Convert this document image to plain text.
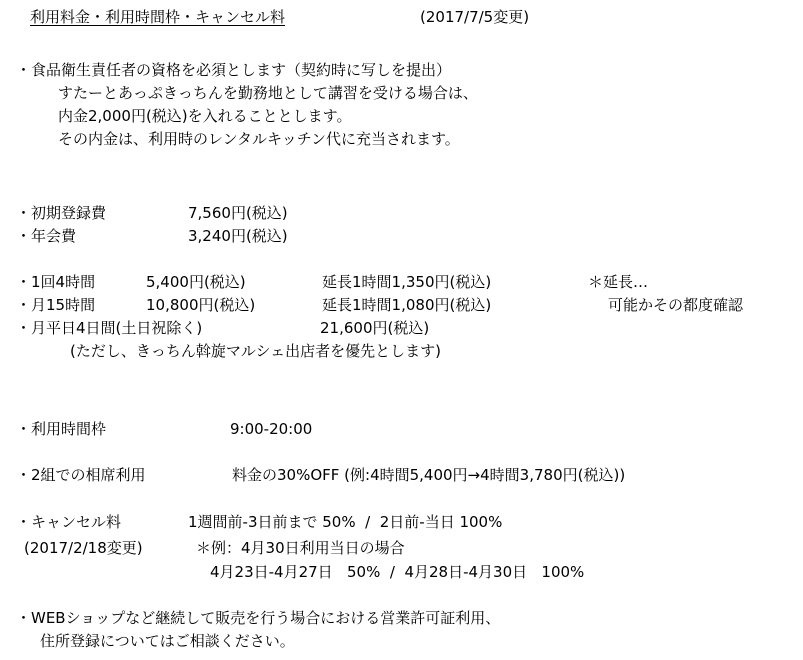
利用料金・利用時間枠・キャンセル料	(2017/7/5変更)
・食品衛生責任者の資格を必須とします（契約時に写しを提出）
すたーとあっぷきっちんを勤務地として講習を受ける場合は、
内金2,000円(税込)を入れることとします。
その内金は、利用時のレンタルキッチン代に充当されます。
・初期登録費	7,560円(税込)
・年会費	3,240円(税込)
・1回4時間	5,400円(税込)	延長1時間1,350円(税込)	＊延長…
・月15時間	10,800円(税込)	延長1時間1,080円(税込)	可能かその都度確認
・月平日4日間(土日祝除く)	21,600円(税込)
(ただし、きっちん斡旋マルシェ出店者を優先とします)
・利用時間枠	9:00-20:00
・2組での相席利用	料金の30%OFF (例:4時間5,400円→4時間3,780円(税込))
・キャンセル料	1週間前-3日前まで 50%  /  2日前-当日 100%
(2017/2/18変更)	＊例：4月30日利用当日の場合
4月23日-4月27日   50%  /  4月28日-4月30日   100%
・WEBショップなど継続して販売を行う場合における営業許可証利用、
住所登録についてはご相談ください。
